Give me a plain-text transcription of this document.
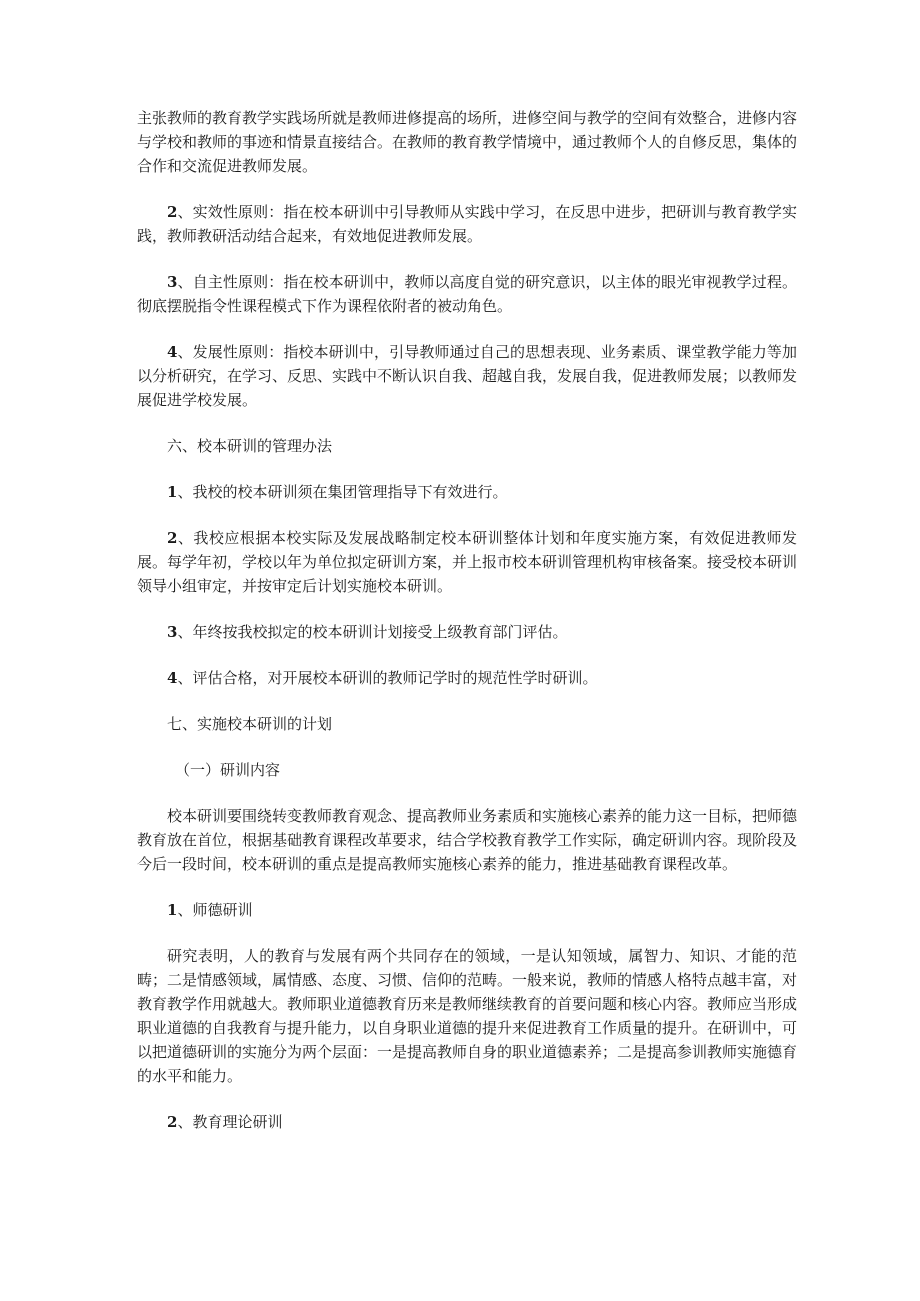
主张教师的教育教学实践场所就是教师进修提高的场所，进修空间与教学的空间有效整合，进修内容与学校和教师的事迹和情景直接结合。在教师的教育教学情境中，通过教师个人的自修反思，集体的合作和交流促进教师发展。

2、实效性原则：指在校本研训中引导教师从实践中学习，在反思中进步，把研训与教育教学实践，教师教研活动结合起来，有效地促进教师发展。

3、自主性原则：指在校本研训中，教师以高度自觉的研究意识，以主体的眼光审视教学过程。彻底摆脱指令性课程模式下作为课程依附者的被动角色。

4、发展性原则：指校本研训中，引导教师通过自己的思想表现、业务素质、课堂教学能力等加以分析研究，在学习、反思、实践中不断认识自我、超越自我，发展自我，促进教师发展；以教师发展促进学校发展。

六、校本研训的管理办法

1、我校的校本研训须在集团管理指导下有效进行。

2、我校应根据本校实际及发展战略制定校本研训整体计划和年度实施方案，有效促进教师发展。每学年初，学校以年为单位拟定研训方案，并上报市校本研训管理机构审核备案。接受校本研训领导小组审定，并按审定后计划实施校本研训。

3、年终按我校拟定的校本研训计划接受上级教育部门评估。

4、评估合格，对开展校本研训的教师记学时的规范性学时研训。

七、实施校本研训的计划

（一）研训内容

校本研训要围绕转变教师教育观念、提高教师业务素质和实施核心素养的能力这一目标，把师德教育放在首位，根据基础教育课程改革要求，结合学校教育教学工作实际，确定研训内容。现阶段及今后一段时间，校本研训的重点是提高教师实施核心素养的能力，推进基础教育课程改革。

1、师德研训

研究表明，人的教育与发展有两个共同存在的领域，一是认知领域，属智力、知识、才能的范畴；二是情感领域，属情感、态度、习惯、信仰的范畴。一般来说，教师的情感人格特点越丰富，对教育教学作用就越大。教师职业道德教育历来是教师继续教育的首要问题和核心内容。教师应当形成职业道德的自我教育与提升能力，以自身职业道德的提升来促进教育工作质量的提升。在研训中，可以把道德研训的实施分为两个层面：一是提高教师自身的职业道德素养；二是提高参训教师实施德育的水平和能力。

2、教育理论研训
